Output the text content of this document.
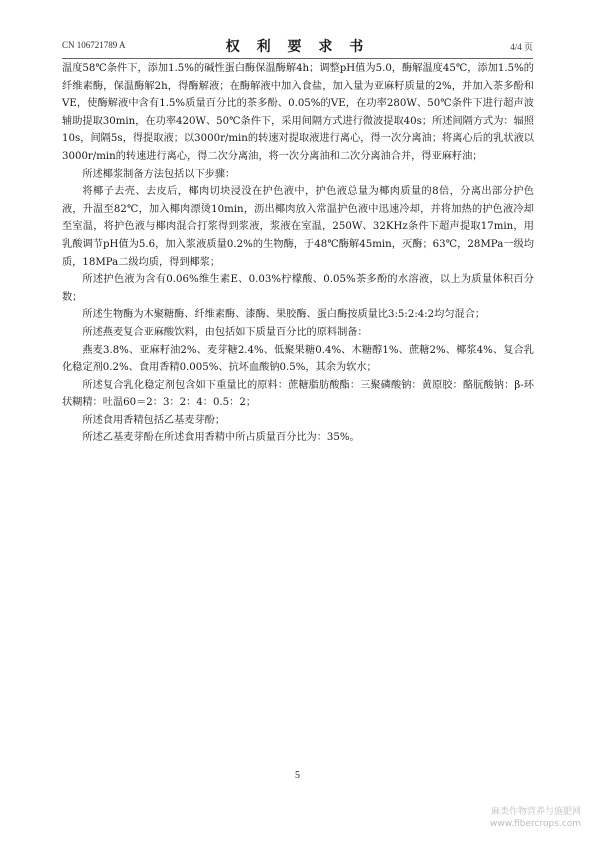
CN 106721789 A	权 利 要 求 书	4/4 页

温度58℃条件下，添加1.5%的碱性蛋白酶保温酶解4h；调整pH值为5.0，酶解温度45℃，添加1.5%的纤维素酶，保温酶解2h，得酶解液；在酶解液中加入食盐，加入量为亚麻籽质量的2%，并加入茶多酚和VE，使酶解液中含有1.5%质量百分比的茶多酚、0.05%的VE，在功率280W、50℃条件下进行超声波辅助提取30min，在功率420W、50℃条件下，采用间隔方式进行微波提取40s；所述间隔方式为：辐照10s，间隔5s，得提取液；以3000r/min的转速对提取液进行离心，得一次分离油；将离心后的乳状液以3000r/min的转速进行离心，得二次分离油，将一次分离油和二次分离油合并，得亚麻籽油；

所述椰浆制备方法包括以下步骤：

将椰子去壳、去皮后，椰肉切块浸没在护色液中，护色液总量为椰肉质量的8倍，分离出部分护色液，升温至82℃，加入椰肉漂烫10min，沥出椰肉放入常温护色液中迅速冷却，并将加热的护色液冷却至室温，将护色液与椰肉混合打浆得到浆液，浆液在室温，250W、32KHz条件下超声提取17min，用乳酸调节pH值为5.6，加入浆液质量0.2%的生物酶，于48℃酶解45min，灭酶；63℃，28MPa一级均质，18MPa二级均质，得到椰浆；

所述护色液为含有0.06%维生素E、0.03%柠檬酸、0.05%茶多酚的水溶液，以上为质量体积百分数；

所述生物酶为木聚糖酶、纤维素酶、漆酶、果胶酶、蛋白酶按质量比3:5:2:4:2均匀混合；

所述燕麦复合亚麻酸饮料，由包括如下质量百分比的原料制备：

燕麦3.8%、亚麻籽油2%、麦芽糖2.4%、低聚果糖0.4%、木糖醇1%、蔗糖2%、椰浆4%、复合乳化稳定剂0.2%、食用香精0.005%、抗坏血酸钠0.5%，其余为软水；

所述复合乳化稳定剂包含如下重量比的原料：蔗糖脂肪酸酯：三聚磷酸钠：黄原胶：酪朊酸钠：β-环状糊精：吐温60＝2：3：2：4：0.5：2；

所述食用香精包括乙基麦芽酚；

所述乙基麦芽酚在所述食用香精中所占质量百分比为：35%。

5
麻类作物营养与施肥网
www.fibercrops.com
